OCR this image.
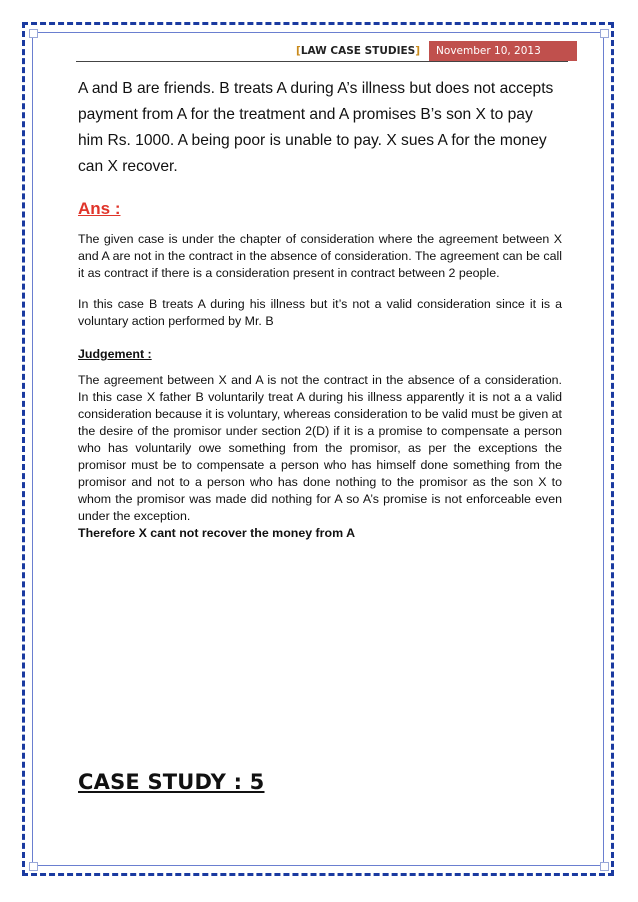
[LAW CASE STUDIES]	November 10, 2013
A and B are friends. B treats A during A’s illness but does not accepts payment from A for the treatment and A promises B’s son X to pay him Rs. 1000. A being poor is unable to pay. X sues A for the money can X recover.
Ans :
The given case is under the chapter of consideration where the agreement between X and A are not in the contract in the absence of consideration. The agreement can be call it as contract if there is a consideration present in contract between 2 people.
In this case B treats A during his illness but it’s not a valid consideration since it is a voluntary action performed by Mr. B
Judgement :
The agreement between X and A is not the contract in the absence of a consideration. In this case X father B voluntarily treat A during his illness apparently it is not a a valid consideration because it is voluntary, whereas consideration to be valid must be given at the desire of the promisor under section 2(D) if it is a promise to compensate a person who has voluntarily owe something from the promisor, as per the exceptions the promisor must be to compensate a person who has himself done something from the promisor and not to a person who has done nothing to the promisor as the son X to whom the promisor was made did nothing for A so A’s promise is not enforceable even under the exception.
Therefore X cant not recover the money from A
CASE STUDY : 5
